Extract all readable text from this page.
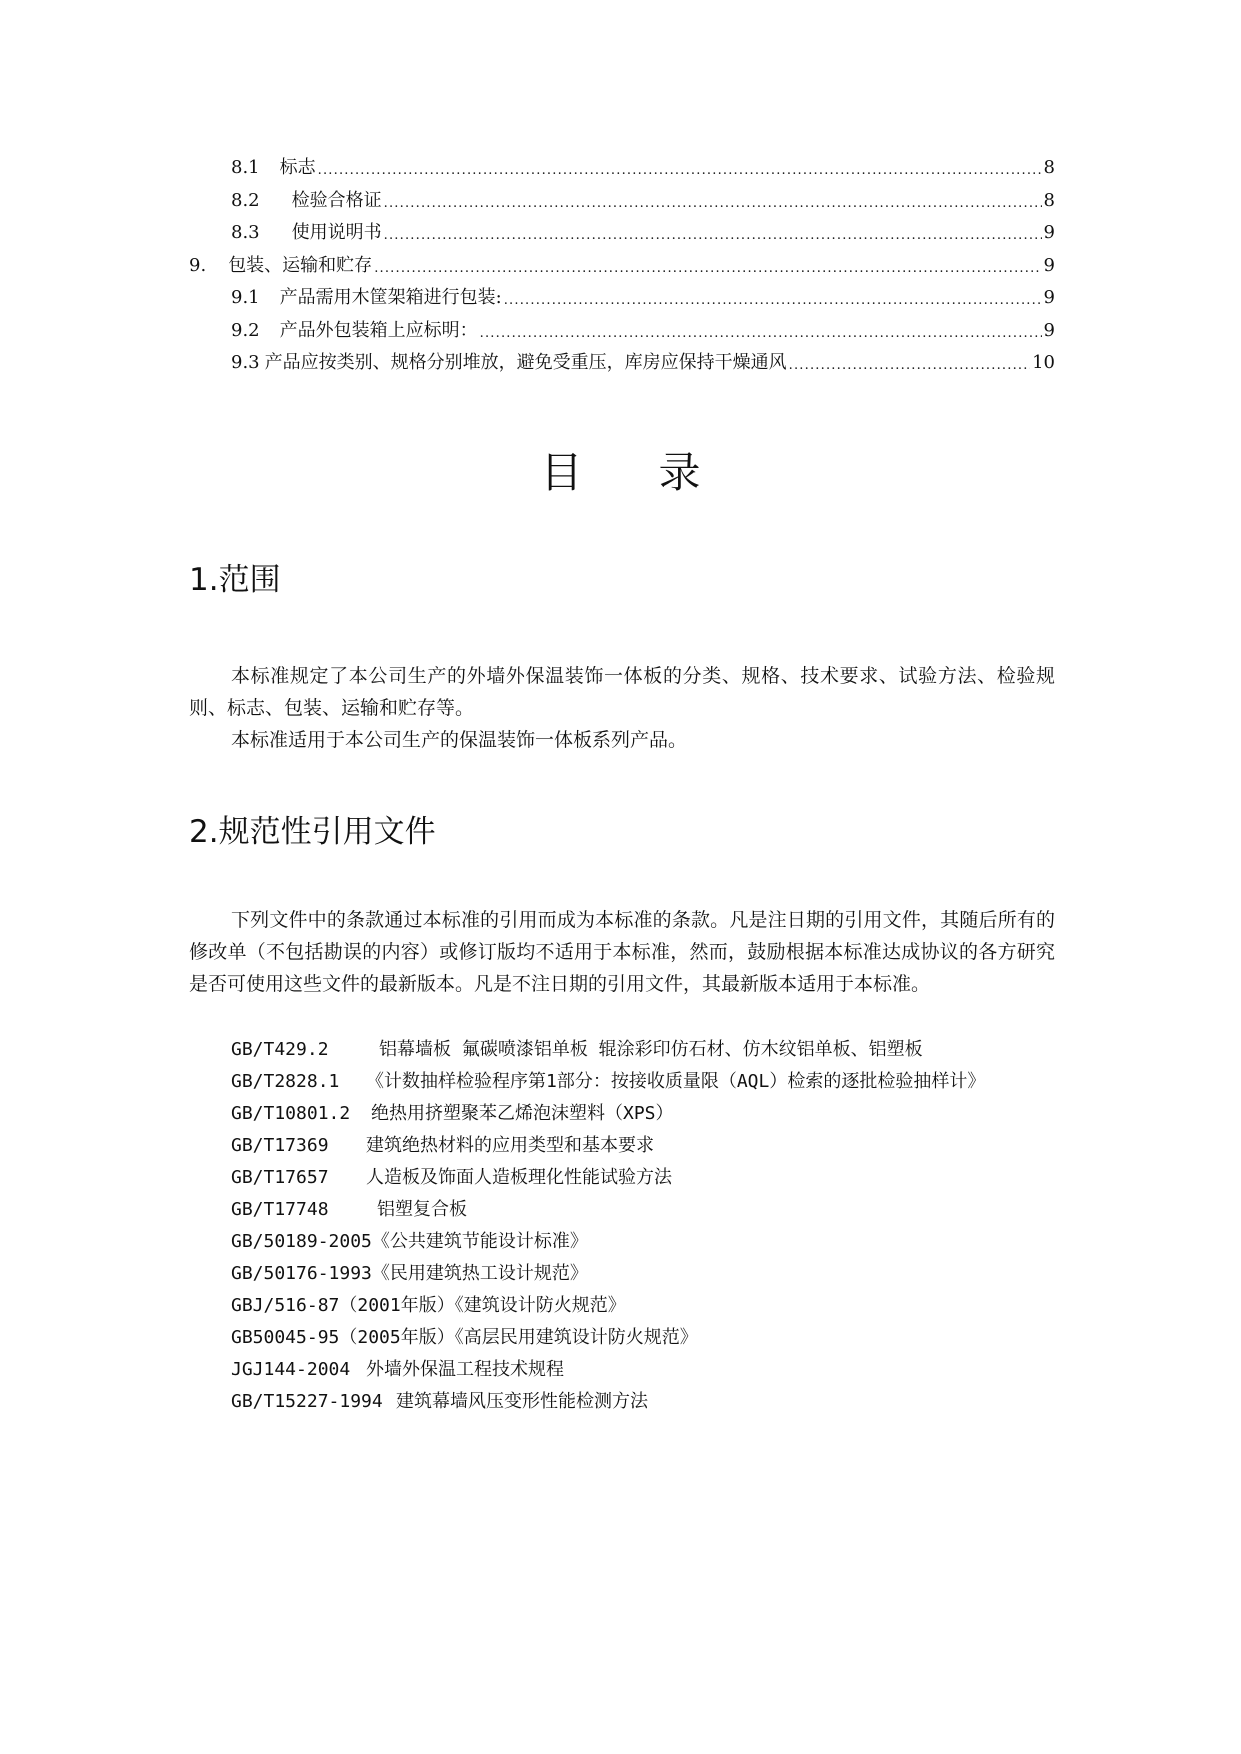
8.1 标志 .....	8
8.2 检验合格证 .....	8
8.3 使用说明书 .....	9
9. 包装、运输和贮存 .....	9
9.1 产品需用木筐架箱进行包装: .....	9
9.2 产品外包装箱上应标明： .....	9
9.3 产品应按类别、规格分别堆放，避免受重压，库房应保持干燥通风 .....	10
目录
1.范围

本标准规定了本公司生产的外墙外保温装饰一体板的分类、规格、技术要求、试验方法、检验规则、标志、包装、运输和贮存等。

本标准适用于本公司生产的保温装饰一体板系列产品。

2.规范性引用文件

下列文件中的条款通过本标准的引用而成为本标准的条款。凡是注日期的引用文件，其随后所有的修改单（不包括勘误的内容）或修订版均不适用于本标准，然而，鼓励根据本标准达成协议的各方研究是否可使用这些文件的最新版本。凡是不注日期的引用文件，其最新版本适用于本标准。

GB/T429.2	铝幕墙板 氟碳喷漆铝单板 辊涂彩印仿石材、仿木纹铝单板、铝塑板
GB/T2828.1 《计数抽样检验程序第1部分：按接收质量限（AQL）检索的逐批检验抽样计》
GB/T10801.2 绝热用挤塑聚苯乙烯泡沫塑料（XPS）
GB/T17369 建筑绝热材料的应用类型和基本要求
GB/T17657 人造板及饰面人造板理化性能试验方法
GB/T17748	铝塑复合板
GB/50189-2005《公共建筑节能设计标准》
GB/50176-1993《民用建筑热工设计规范》
GBJ/516-87（2001年版）《建筑设计防火规范》
GB50045-95（2005年版）《高层民用建筑设计防火规范》
JGJ144-2004 外墙外保温工程技术规程
GB/T15227-1994 建筑幕墙风压变形性能检测方法
